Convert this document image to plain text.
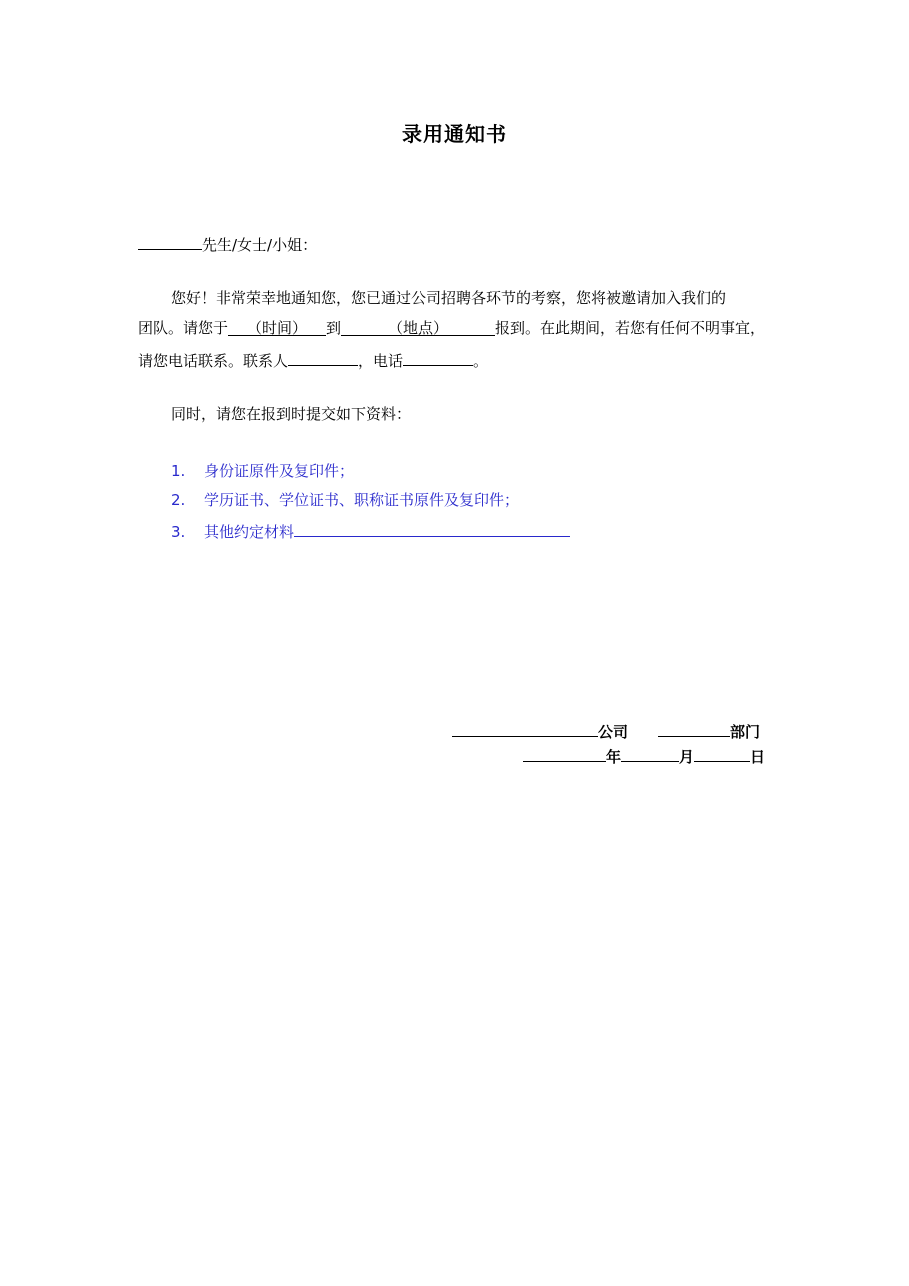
录用通知书
先生/女士/小姐：
您好！非常荣幸地通知您，您已通过公司招聘各环节的考察，您将被邀请加入我们的
团队。请您于 （时间） 到	（地点）	报到。在此期间，若您有任何不明事宜，
请您电话联系。联系人	，电话	。
同时，请您在报到时提交如下资料：
1. 身份证原件及复印件；
2. 学历证书、学位证书、职称证书原件及复印件；
3. 其他约定材料
公司	部门
年	月	日
